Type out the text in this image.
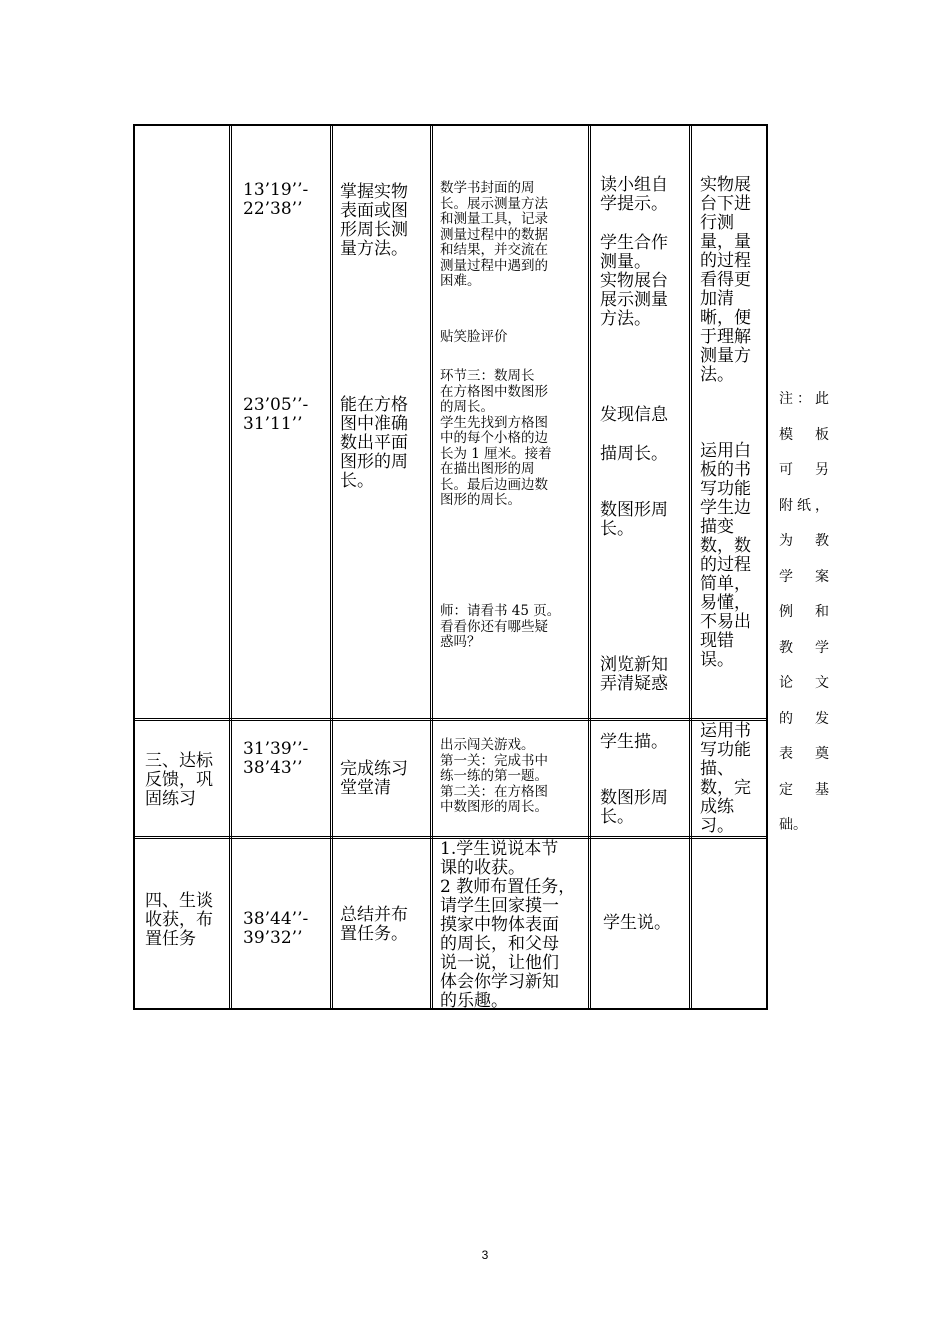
13’19’’-
22’38’’
掌握实物
表面或图
形周长测
量方法。
23’05’’-
31’11’’
能在方格
图中准确
数出平面
图形的周
长。
数学书封面的周
长。展示测量方法
和测量工具，记录
测量过程中的数据
和结果，并交流在
测量过程中遇到的
困难。
贴笑脸评价
环节三：数周长
在方格图中数图形
的周长。
学生先找到方格图
中的每个小格的边
长为 1 厘米。接着
在描出图形的周
长。最后边画边数
图形的周长。
师：请看书 45 页。
看看你还有哪些疑
惑吗？
读小组自
学提示。
学生合作
测量。
实物展台
展示测量
方法。
发现信息
描周长。
数图形周
长。
浏览新知
弄清疑惑
实物展
台下进
行测
量，量
的过程
看得更
加清
晰，便
于理解
测量方
法。
运用白
板的书
写功能
学生边
描变
数，数
的过程
简单，
易懂，
不易出
现错
误。
三、达标
反馈，巩
固练习
31’39’’-
38’43’’	完成练习
堂堂清
出示闯关游戏。
第一关：完成书中
练一练的第一题。
第二关：在方格图
中数图形的周长。
学生描。
数图形周
长。
运用书
写功能
描、
数，完
成练
习。
四、生谈
收获，布
置任务
38’44’’-
39’32’’
总结并布
置任务。
1.学生说说本节
课的收获。
2 教师布置任务，
请学生回家摸一
摸家中物体表面
的周长，和父母
说一说，让他们
体会你学习新知
的乐趣。
学生说。
注：此
模　板
可　另
附纸，
为　教
学　案
例　和
教　学
论　文
的　发
表　奠
定　基
础。
3
